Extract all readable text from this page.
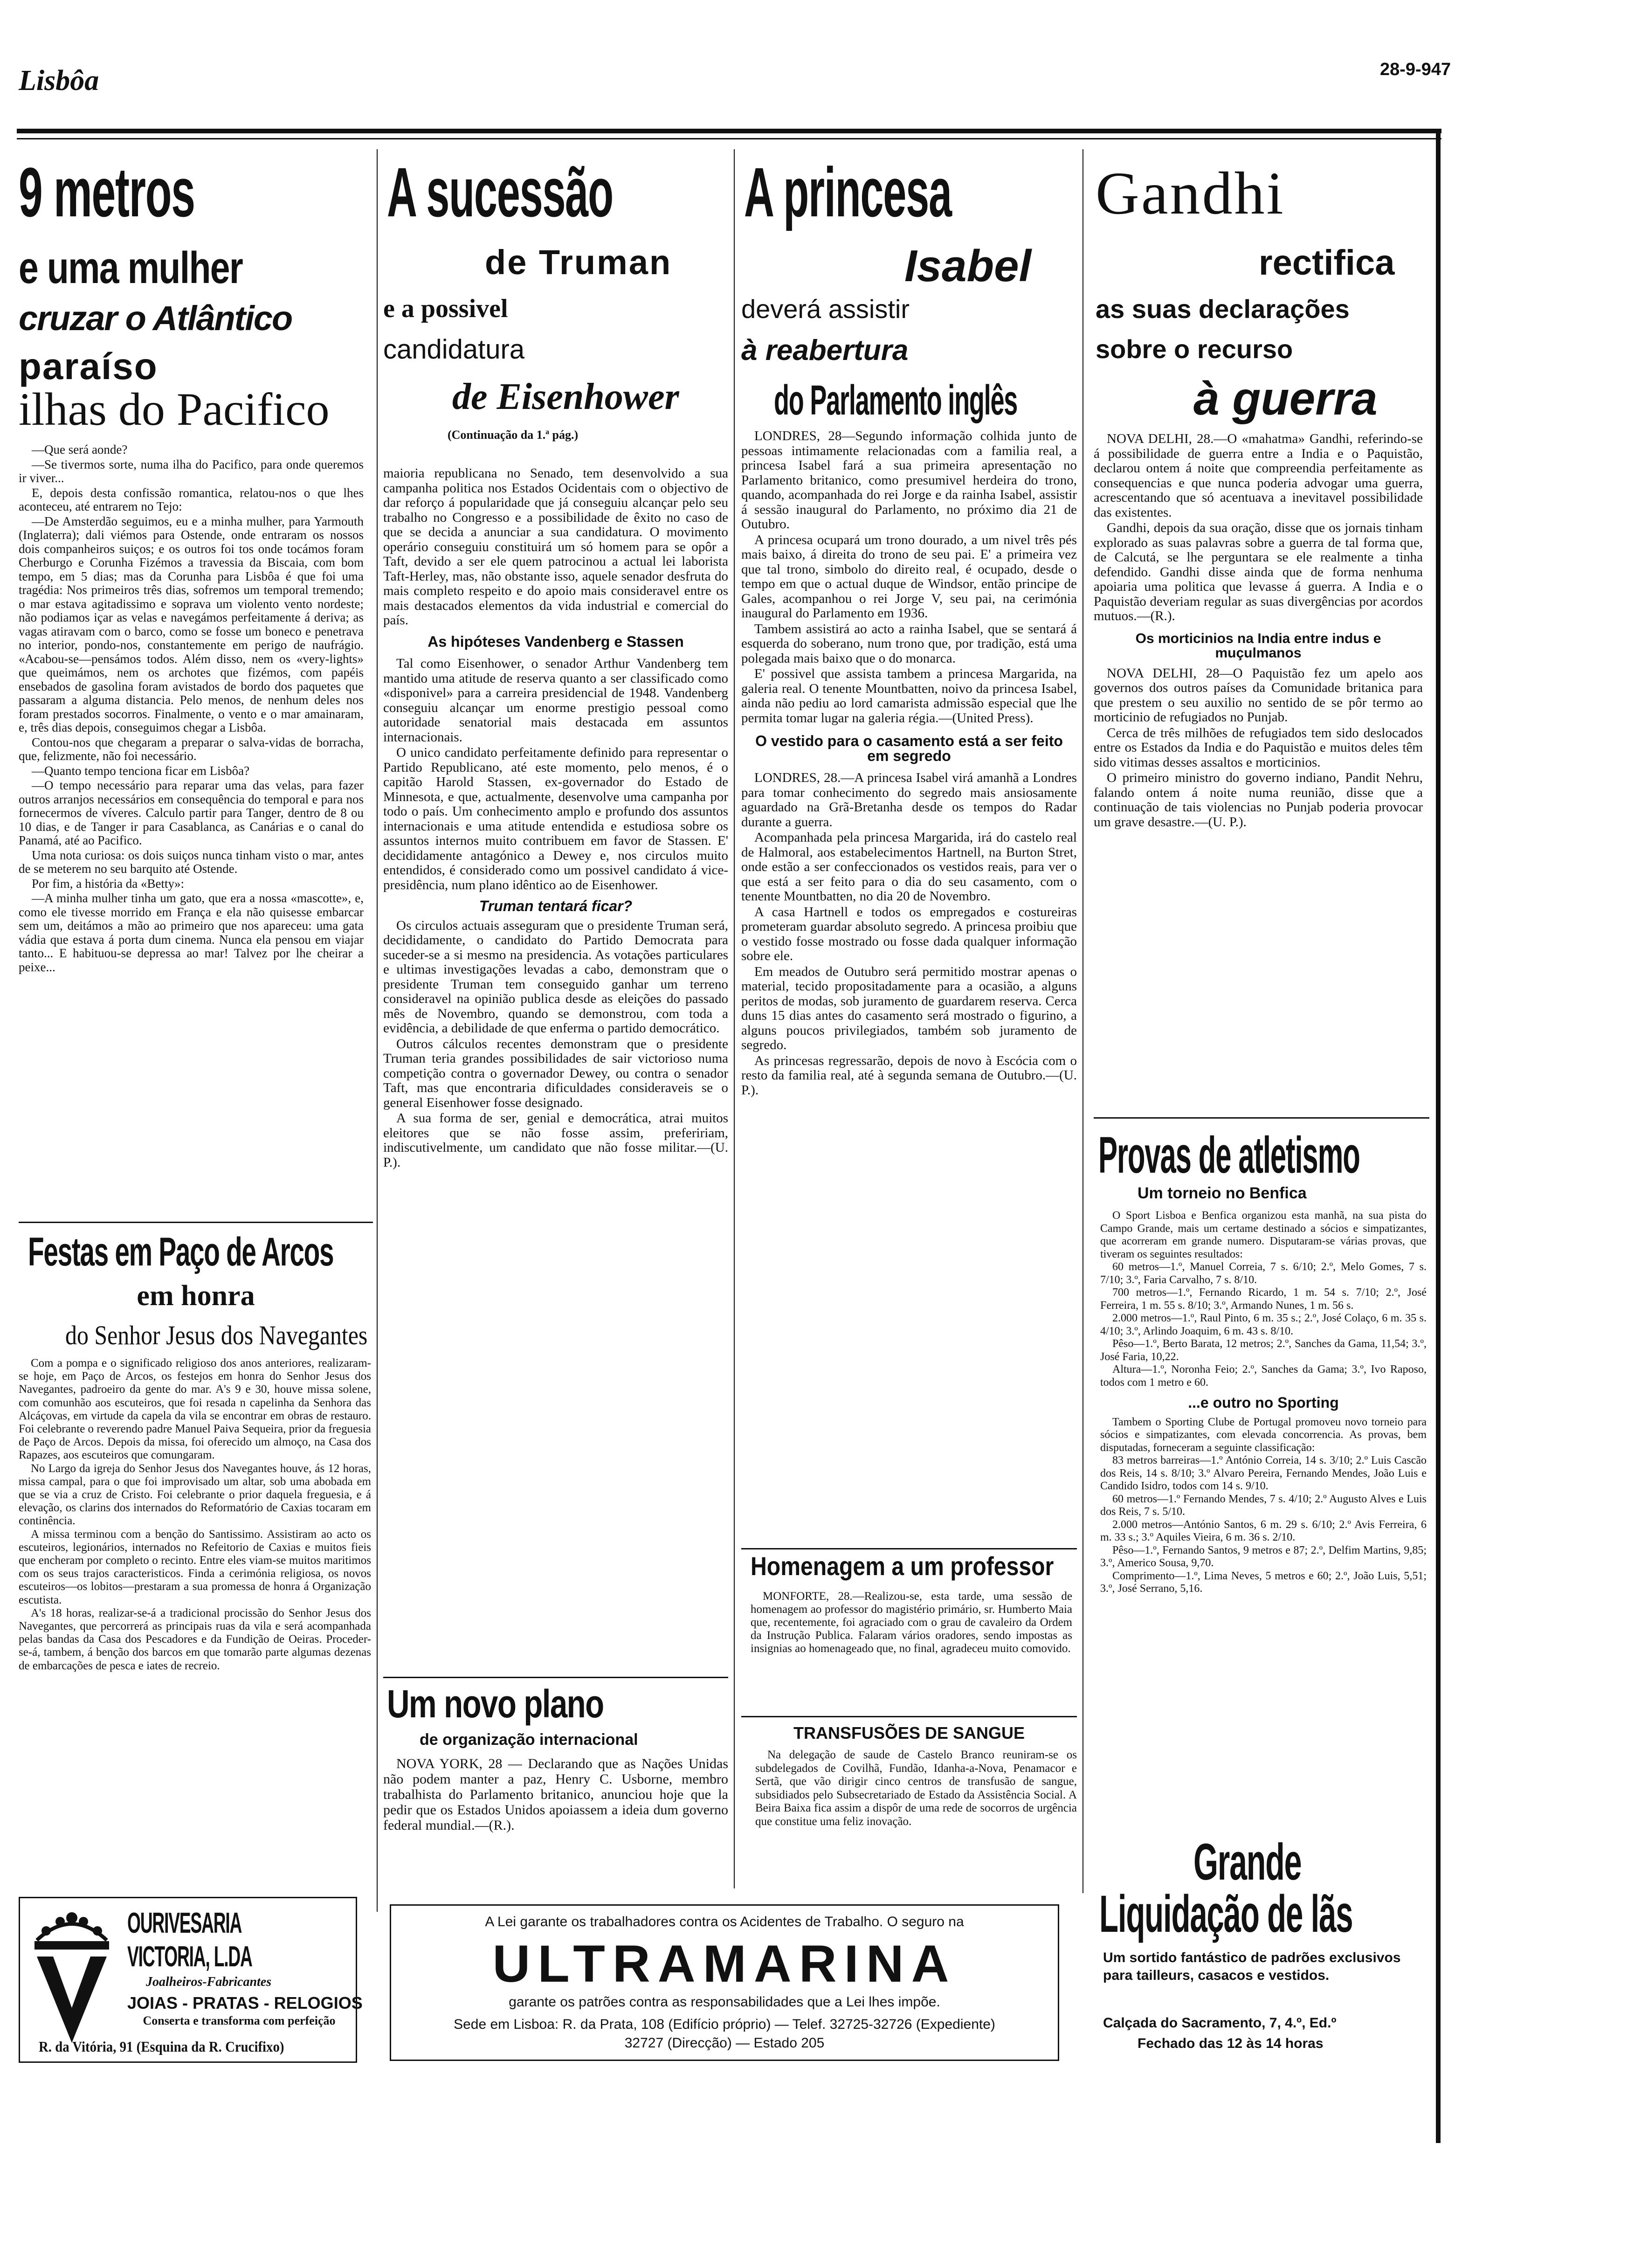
Lisbôa	28-9-947
9 metros
e uma mulher
cruzar o Atlântico
paraíso
ilhas do Pacifico

—Que será aonde?

—Se tivermos sorte, numa ilha do Pacifico, para onde queremos ir viver...

E, depois desta confissão romantica, relatou-nos o que lhes aconteceu, até entrarem no Tejo:

—De Amsterdão seguimos, eu e a minha mulher, para Yarmouth (Inglaterra); dali viémos para Ostende, onde entraram os nossos dois companheiros suiços; e os outros foi tos onde tocámos foram Cherburgo e Corunha Fizémos a travessia da Biscaia, com bom tempo, em 5 dias; mas da Corunha para Lisbôa é que foi uma tragédia: Nos primeiros três dias, sofremos um temporal tremendo; o mar estava agitadissimo e soprava um violento vento nordeste; não podiamos içar as velas e navegámos perfeitamente á deriva; as vagas atiravam com o barco, como se fosse um boneco e penetrava no interior, pondo-nos, constantemente em perigo de naufrágio. «Acabou-se—pensámos todos. Além disso, nem os «very-lights» que queimámos, nem os archotes que fizémos, com papéis ensebados de gasolina foram avistados de bordo dos paquetes que passaram a alguma distancia. Pelo menos, de nenhum deles nos foram prestados socorros. Finalmente, o vento e o mar amainaram, e, três dias depois, conseguimos chegar a Lisbôa.

Contou-nos que chegaram a preparar o salva-vidas de borracha, que, felizmente, não foi necessário.

—Quanto tempo tenciona ficar em Lisbôa?

—O tempo necessário para reparar uma das velas, para fazer outros arranjos necessários em consequência do temporal e para nos fornecermos de víveres. Calculo partir para Tanger, dentro de 8 ou 10 dias, e de Tanger ir para Casablanca, as Canárias e o canal do Panamá, até ao Pacifico.

Uma nota curiosa: os dois suiços nunca tinham visto o mar, antes de se meterem no seu barquito até Ostende.

Por fim, a história da «Betty»:

—A minha mulher tinha um gato, que era a nossa «mascotte», e, como ele tivesse morrido em França e ela não quisesse embarcar sem um, deitámos a mão ao primeiro que nos apareceu: uma gata vádia que estava á porta dum cinema. Nunca ela pensou em viajar tanto... E habituou-se depressa ao mar! Talvez por lhe cheirar a peixe...

Festas em Paço de Arcos
em honra
do Senhor Jesus dos Navegantes

Com a pompa e o significado religioso dos anos anteriores, realizaram-se hoje, em Paço de Arcos, os festejos em honra do Senhor Jesus dos Navegantes, padroeiro da gente do mar. A's 9 e 30, houve missa solene, com comunhão aos escuteiros, que foi resada n capelinha da Senhora das Alcáçovas, em virtude da capela da vila se encontrar em obras de restauro. Foi celebrante o reverendo padre Manuel Paiva Sequeira, prior da freguesia de Paço de Arcos. Depois da missa, foi oferecido um almoço, na Casa dos Rapazes, aos escuteiros que comungaram.

No Largo da igreja do Senhor Jesus dos Navegantes houve, ás 12 horas, missa campal, para o que foi improvisado um altar, sob uma abobada em que se via a cruz de Cristo. Foi celebrante o prior daquela freguesia, e á elevação, os clarins dos internados do Reformatório de Caxias tocaram em continência.

A missa terminou com a benção do Santissimo. Assistiram ao acto os escuteiros, legionários, internados no Refeitorio de Caxias e muitos fieis que encheram por completo o recinto. Entre eles viam-se muitos maritimos com os seus trajos caracteristicos. Finda a cerimónia religiosa, os novos escuteiros—os lobitos—prestaram a sua promessa de honra á Organização escutista.

A's 18 horas, realizar-se-á a tradicional procissão do Senhor Jesus dos Navegantes, que percorrerá as principais ruas da vila e será acompanhada pelas bandas da Casa dos Pescadores e da Fundição de Oeiras. Proceder-se-á, tambem, á benção dos barcos em que tomarão parte algumas dezenas de embarcações de pesca e iates de recreio.

OURIVESARIA
VICTORIA, L.DA
Joalheiros-Fabricantes
JOIAS - PRATAS - RELOGIOS
Conserta e transforma com perfeição
R. da Vitória, 91 (Esquina da R. Crucifixo)
A sucessão
de Truman
e a possivel
candidatura
de Eisenhower
(Continuação da 1.ª pág.)

maioria republicana no Senado, tem desenvolvido a sua campanha politica nos Estados Ocidentais com o objectivo de dar reforço á popularidade que já conseguiu alcançar pelo seu trabalho no Congresso e a possibilidade de êxito no caso de que se decida a anunciar a sua candidatura. O movimento operário conseguiu constituirá um só homem para se opôr a Taft, devido a ser ele quem patrocinou a actual lei laborista Taft-Herley, mas, não obstante isso, aquele senador desfruta do mais completo respeito e do apoio mais consideravel entre os mais destacados elementos da vida industrial e comercial do país.

As hipóteses Vandenberg e Stassen

Tal como Eisenhower, o senador Arthur Vandenberg tem mantido uma atitude de reserva quanto a ser classificado como «disponivel» para a carreira presidencial de 1948. Vandenberg conseguiu alcançar um enorme prestigio pessoal como autoridade senatorial mais destacada em assuntos internacionais.

O unico candidato perfeitamente definido para representar o Partido Republicano, até este momento, pelo menos, é o capitão Harold Stassen, ex-governador do Estado de Minnesota, e que, actualmente, desenvolve uma campanha por todo o país. Um conhecimento amplo e profundo dos assuntos internacionais e uma atitude entendida e estudiosa sobre os assuntos internos muito contribuem em favor de Stassen. E' decididamente antagónico a Dewey e, nos circulos muito entendidos, é considerado como um possivel candidato á vice-presidência, num plano idêntico ao de Eisenhower.

Truman tentará ficar?

Os circulos actuais asseguram que o presidente Truman será, decididamente, o candidato do Partido Democrata para suceder-se a si mesmo na presidencia. As votações particulares e ultimas investigações levadas a cabo, demonstram que o presidente Truman tem conseguido ganhar um terreno consideravel na opinião publica desde as eleições do passado mês de Novembro, quando se demonstrou, com toda a evidência, a debilidade de que enferma o partido democrático.

Outros cálculos recentes demonstram que o presidente Truman teria grandes possibilidades de sair victorioso numa competição contra o governador Dewey, ou contra o senador Taft, mas que encontraria dificuldades consideraveis se o general Eisenhower fosse designado.

A sua forma de ser, genial e democrática, atrai muitos eleitores que se não fosse assim, prefeririam, indiscutivelmente, um candidato que não fosse militar.—(U. P.).

Um novo plano
de organização internacional

NOVA YORK, 28 — Declarando que as Nações Unidas não podem manter a paz, Henry C. Usborne, membro trabalhista do Parlamento britanico, anunciou hoje que la pedir que os Estados Unidos apoiassem a ideia dum governo federal mundial.—(R.).

A princesa
Isabel
deverá assistir
à reabertura
do Parlamento inglês

LONDRES, 28—Segundo informação colhida junto de pessoas intimamente relacionadas com a familia real, a princesa Isabel fará a sua primeira apresentação no Parlamento britanico, como presumivel herdeira do trono, quando, acompanhada do rei Jorge e da rainha Isabel, assistir á sessão inaugural do Parlamento, no próximo dia 21 de Outubro.

A princesa ocupará um trono dourado, a um nivel três pés mais baixo, á direita do trono de seu pai. E' a primeira vez que tal trono, simbolo do direito real, é ocupado, desde o tempo em que o actual duque de Windsor, então principe de Gales, acompanhou o rei Jorge V, seu pai, na cerimónia inaugural do Parlamento em 1936.

Tambem assistirá ao acto a rainha Isabel, que se sentará á esquerda do soberano, num trono que, por tradição, está uma polegada mais baixo que o do monarca.

E' possivel que assista tambem a princesa Margarida, na galeria real. O tenente Mountbatten, noivo da princesa Isabel, ainda não pediu ao lord camarista admissão especial que lhe permita tomar lugar na galeria régia.—(United Press).

O vestido para o casamento está a ser feito em segredo

LONDRES, 28.—A princesa Isabel virá amanhã a Londres para tomar conhecimento do segredo mais ansiosamente aguardado na Grã-Bretanha desde os tempos do Radar durante a guerra.

Acompanhada pela princesa Margarida, irá do castelo real de Halmoral, aos estabelecimentos Hartnell, na Burton Stret, onde estão a ser confeccionados os vestidos reais, para ver o que está a ser feito para o dia do seu casamento, com o tenente Mountbatten, no dia 20 de Novembro.

A casa Hartnell e todos os empregados e costureiras prometeram guardar absoluto segredo. A princesa proibiu que o vestido fosse mostrado ou fosse dada qualquer informação sobre ele.

Em meados de Outubro será permitido mostrar apenas o material, tecido propositadamente para a ocasião, a alguns peritos de modas, sob juramento de guardarem reserva. Cerca duns 15 dias antes do casamento será mostrado o figurino, a alguns poucos privilegiados, também sob juramento de segredo.

As princesas regressarão, depois de novo à Escócia com o resto da familia real, até à segunda semana de Outubro.—(U. P.).

Homenagem a um professor

MONFORTE, 28.—Realizou-se, esta tarde, uma sessão de homenagem ao professor do magistério primário, sr. Humberto Maia que, recentemente, foi agraciado com o grau de cavaleiro da Ordem da Instrução Publica. Falaram vários oradores, sendo impostas as insignias ao homenageado que, no final, agradeceu muito comovido.

TRANSFUSÕES DE SANGUE

Na delegação de saude de Castelo Branco reuniram-se os subdelegados de Covilhã, Fundão, Idanha-a-Nova, Penamacor e Sertã, que vão dirigir cinco centros de transfusão de sangue, subsidiados pelo Subsecretariado de Estado da Assistência Social. A Beira Baixa fica assim a dispôr de uma rede de socorros de urgência que constitue uma feliz inovação.

A Lei garante os trabalhadores contra os Acidentes de Trabalho. O seguro na
ULTRAMARINA
garante os patrões contra as responsabilidades que a Lei lhes impõe.
Sede em Lisboa: R. da Prata, 108 (Edifício próprio) — Telef. 32725-32726 (Expediente)
32727 (Direcção) — Estado 205
Gandhi
rectifica
as suas declarações
sobre o recurso
à guerra

NOVA DELHI, 28.—O «mahatma» Gandhi, referindo-se á possibilidade de guerra entre a India e o Paquistão, declarou ontem á noite que compreendia perfeitamente as consequencias e que nunca poderia advogar uma guerra, acrescentando que só acentuava a inevitavel possibilidade das existentes.

Gandhi, depois da sua oração, disse que os jornais tinham explorado as suas palavras sobre a guerra de tal forma que, de Calcutá, se lhe perguntara se ele realmente a tinha defendido. Gandhi disse ainda que de forma nenhuma apoiaria uma politica que levasse á guerra. A India e o Paquistão deveriam regular as suas divergências por acordos mutuos.—(R.).

Os morticinios na India entre indus e muçulmanos

NOVA DELHI, 28—O Paquistão fez um apelo aos governos dos outros países da Comunidade britanica para que prestem o seu auxilio no sentido de se pôr termo ao morticinio de refugiados no Punjab.

Cerca de três milhões de refugiados tem sido deslocados entre os Estados da India e do Paquistão e muitos deles têm sido vitimas desses assaltos e morticinios.

O primeiro ministro do governo indiano, Pandit Nehru, falando ontem á noite numa reunião, disse que a continuação de tais violencias no Punjab poderia provocar um grave desastre.—(U. P.).

Provas de atletismo
Um torneio no Benfica

O Sport Lisboa e Benfica organizou esta manhã, na sua pista do Campo Grande, mais um certame destinado a sócios e simpatizantes, que acorreram em grande numero. Disputaram-se várias provas, que tiveram os seguintes resultados:

60 metros—1.º, Manuel Correia, 7 s. 6/10; 2.º, Melo Gomes, 7 s. 7/10; 3.º, Faria Carvalho, 7 s. 8/10.

700 metros—1.º, Fernando Ricardo, 1 m. 54 s. 7/10; 2.º, José Ferreira, 1 m. 55 s. 8/10; 3.º, Armando Nunes, 1 m. 56 s.

2.000 metros—1.º, Raul Pinto, 6 m. 35 s.; 2.º, José Colaço, 6 m. 35 s. 4/10; 3.º, Arlindo Joaquim, 6 m. 43 s. 8/10.

Pêso—1.º, Berto Barata, 12 metros; 2.º, Sanches da Gama, 11,54; 3.º, José Faria, 10,22.

Altura—1.º, Noronha Feio; 2.º, Sanches da Gama; 3.º, Ivo Raposo, todos com 1 metro e 60.

...e outro no Sporting

Tambem o Sporting Clube de Portugal promoveu novo torneio para sócios e simpatizantes, com elevada concorrencia. As provas, bem disputadas, forneceram a seguinte classificação:

83 metros barreiras—1.º António Correia, 14 s. 3/10; 2.º Luis Cascão dos Reis, 14 s. 8/10; 3.º Alvaro Pereira, Fernando Mendes, João Luis e Candido Isidro, todos com 14 s. 9/10.

60 metros—1.º Fernando Mendes, 7 s. 4/10; 2.º Augusto Alves e Luis dos Reis, 7 s. 5/10.

2.000 metros—António Santos, 6 m. 29 s. 6/10; 2.º Avis Ferreira, 6 m. 33 s.; 3.º Aquiles Vieira, 6 m. 36 s. 2/10.

Pêso—1.º, Fernando Santos, 9 metros e 87; 2.º, Delfim Martins, 9,85; 3.º, Americo Sousa, 9,70.

Comprimento—1.º, Lima Neves, 5 metros e 60; 2.º, João Luis, 5,51; 3.º, José Serrano, 5,16.

Grande
Liquidação de lãs
Um sortido fantástico de padrões exclusivos para tailleurs, casacos e vestidos.
Calçada do Sacramento, 7, 4.º, Ed.º
Fechado das 12 às 14 horas
